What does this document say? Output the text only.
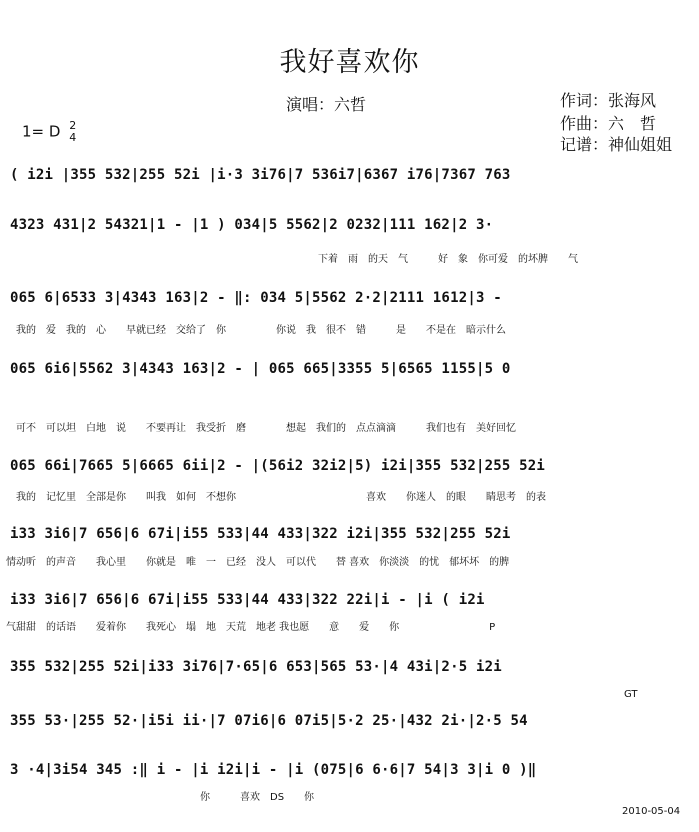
我好喜欢你
演唱：六哲	作词：张海风
作曲：六　哲
记谱：神仙姐姐
1= D 2
4
( i2i |355 532|255 52i |i·3 3i76|7 536i7|6367 i76|7367 763
4323 431|2 54321|1 - |1 ) 034|5 5562|2 0232|111 162|2 3·
下着　雨　的天　气　　　好　象　你可爱　的坏脾　　气
065 6|6533 3|4343 163|2 - ‖: 034 5|5562 2·2|2111 1612|3 -
我的　爱　我的　心　　早就已经　交给了　你　　　　　你说　我　很不　错　　　是　　不是在　暗示什么
065 6i6|5562 3|4343 163|2 - | 065 665|3355 5|6565 1155|5 0
可不　可以坦　白地　说　　不要再让　我受折　磨　　　　想起　我们的　点点滴滴　　　我们也有　美好回忆
065 66i|7665 5|6665 6ii|2 - |(56i2 32i2|5) i2i|355 532|255 52i
我的　记忆里　全部是你　　叫我　如何　不想你　　　　　　　　　　　　　喜欢　　你迷人　的眼　　睛思考　的表
i33 3i6|7 656|6 67i|i55 533|44 433|322 i2i|355 532|255 52i
情动听　的声音　　我心里　　你就是　唯　一　已经　没人　可以代　　替 喜欢　你淡淡　的忧　郁坏坏　的脾
i33 3i6|7 656|6 67i|i55 533|44 433|322 22i|i - |i ( i2i
气甜甜　的话语　　爱着你　　我死心　塌　地　天荒　地老 我也愿　　意　　爱　　你　　　　　　　　　P
355 532|255 52i|i33 3i76|7·65|6 653|565 53·|4 43i|2·5 i2i
GT
355 53·|255 52·|i5i ii·|7 07i6|6 07i5|5·2 25·|432 2i·|2·5 54
3 ·4|3i54 345 :‖ i - |i i2i|i - |i (075|6 6·6|7 54|3 3|i 0 )‖
你　　　喜欢　DS　　你
2010-05-04
